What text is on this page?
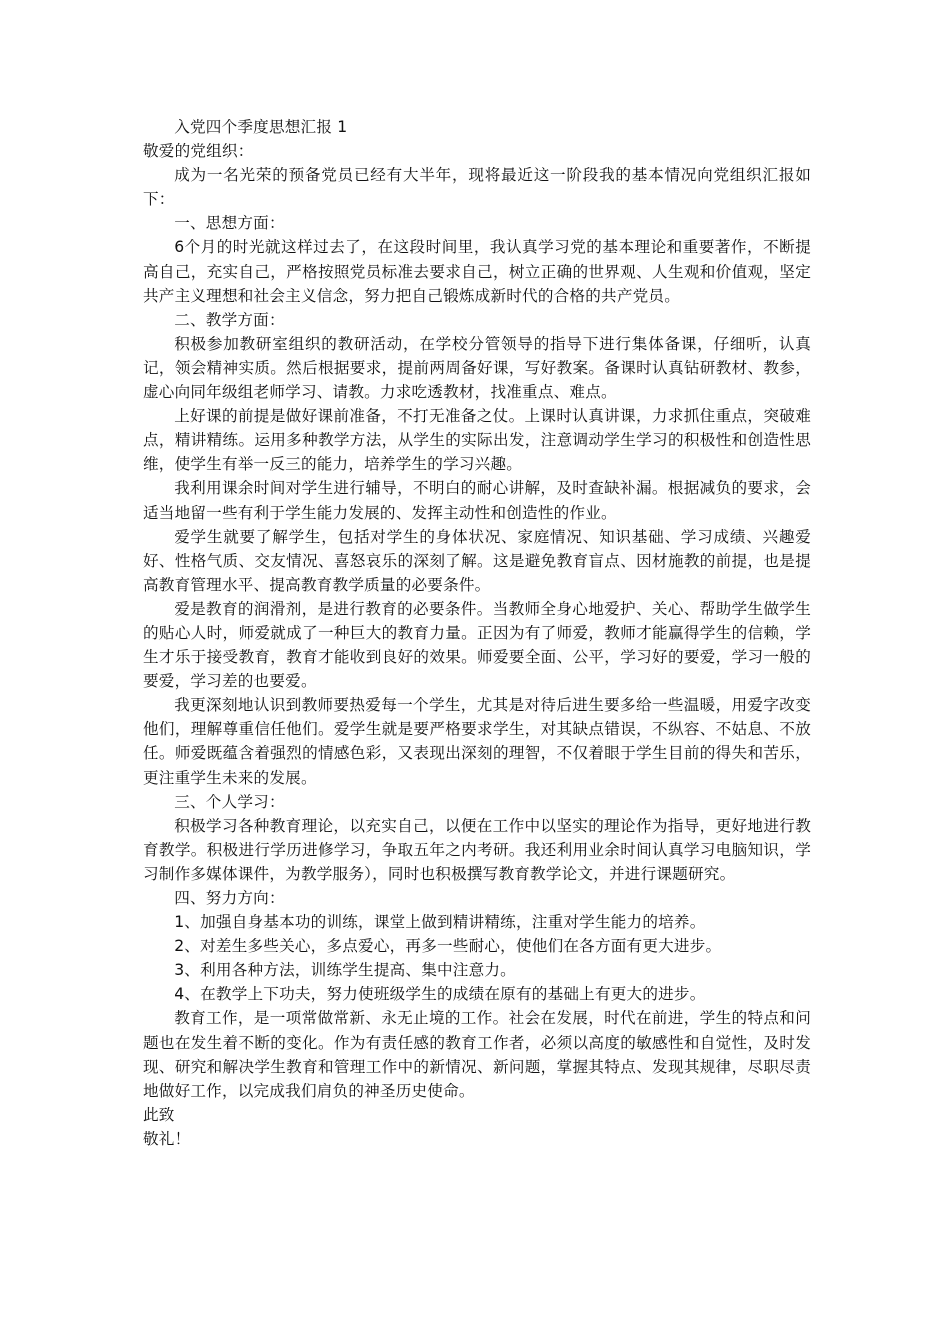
入党四个季度思想汇报 1

敬爱的党组织：

成为一名光荣的预备党员已经有大半年，现将最近这一阶段我的基本情况向党组织汇报如下：

一、思想方面：

6个月的时光就这样过去了，在这段时间里，我认真学习党的基本理论和重要著作，不断提高自己，充实自己，严格按照党员标准去要求自己，树立正确的世界观、人生观和价值观，坚定共产主义理想和社会主义信念，努力把自己锻炼成新时代的合格的共产党员。

二、教学方面：

积极参加教研室组织的教研活动，在学校分管领导的指导下进行集体备课，仔细听，认真记，领会精神实质。然后根据要求，提前两周备好课，写好教案。备课时认真钻研教材、教参，虚心向同年级组老师学习、请教。力求吃透教材，找准重点、难点。

上好课的前提是做好课前准备，不打无准备之仗。上课时认真讲课，力求抓住重点，突破难点，精讲精练。运用多种教学方法，从学生的实际出发，注意调动学生学习的积极性和创造性思维，使学生有举一反三的能力，培养学生的学习兴趣。

我利用课余时间对学生进行辅导，不明白的耐心讲解，及时查缺补漏。根据减负的要求，会适当地留一些有利于学生能力发展的、发挥主动性和创造性的作业。

爱学生就要了解学生，包括对学生的身体状况、家庭情况、知识基础、学习成绩、兴趣爱好、性格气质、交友情况、喜怒哀乐的深刻了解。这是避免教育盲点、因材施教的前提，也是提高教育管理水平、提高教育教学质量的必要条件。

爱是教育的润滑剂，是进行教育的必要条件。当教师全身心地爱护、关心、帮助学生做学生的贴心人时，师爱就成了一种巨大的教育力量。正因为有了师爱，教师才能赢得学生的信赖，学生才乐于接受教育，教育才能收到良好的效果。师爱要全面、公平，学习好的要爱，学习一般的要爱，学习差的也要爱。

我更深刻地认识到教师要热爱每一个学生，尤其是对待后进生要多给一些温暖，用爱字改变他们，理解尊重信任他们。爱学生就是要严格要求学生，对其缺点错误，不纵容、不姑息、不放任。师爱既蕴含着强烈的情感色彩，又表现出深刻的理智，不仅着眼于学生目前的得失和苦乐，更注重学生未来的发展。

三、个人学习：

积极学习各种教育理论，以充实自己，以便在工作中以坚实的理论作为指导，更好地进行教育教学。积极进行学历进修学习，争取五年之内考研。我还利用业余时间认真学习电脑知识，学习制作多媒体课件，为教学服务），同时也积极撰写教育教学论文，并进行课题研究。

四、努力方向：

1、加强自身基本功的训练，课堂上做到精讲精练，注重对学生能力的培养。

2、对差生多些关心，多点爱心，再多一些耐心，使他们在各方面有更大进步。

3、利用各种方法，训练学生提高、集中注意力。

4、在教学上下功夫，努力使班级学生的成绩在原有的基础上有更大的进步。

教育工作，是一项常做常新、永无止境的工作。社会在发展，时代在前进，学生的特点和问题也在发生着不断的变化。作为有责任感的教育工作者，必须以高度的敏感性和自觉性，及时发现、研究和解决学生教育和管理工作中的新情况、新问题，掌握其特点、发现其规律，尽职尽责地做好工作，以完成我们肩负的神圣历史使命。

此致

敬礼！
